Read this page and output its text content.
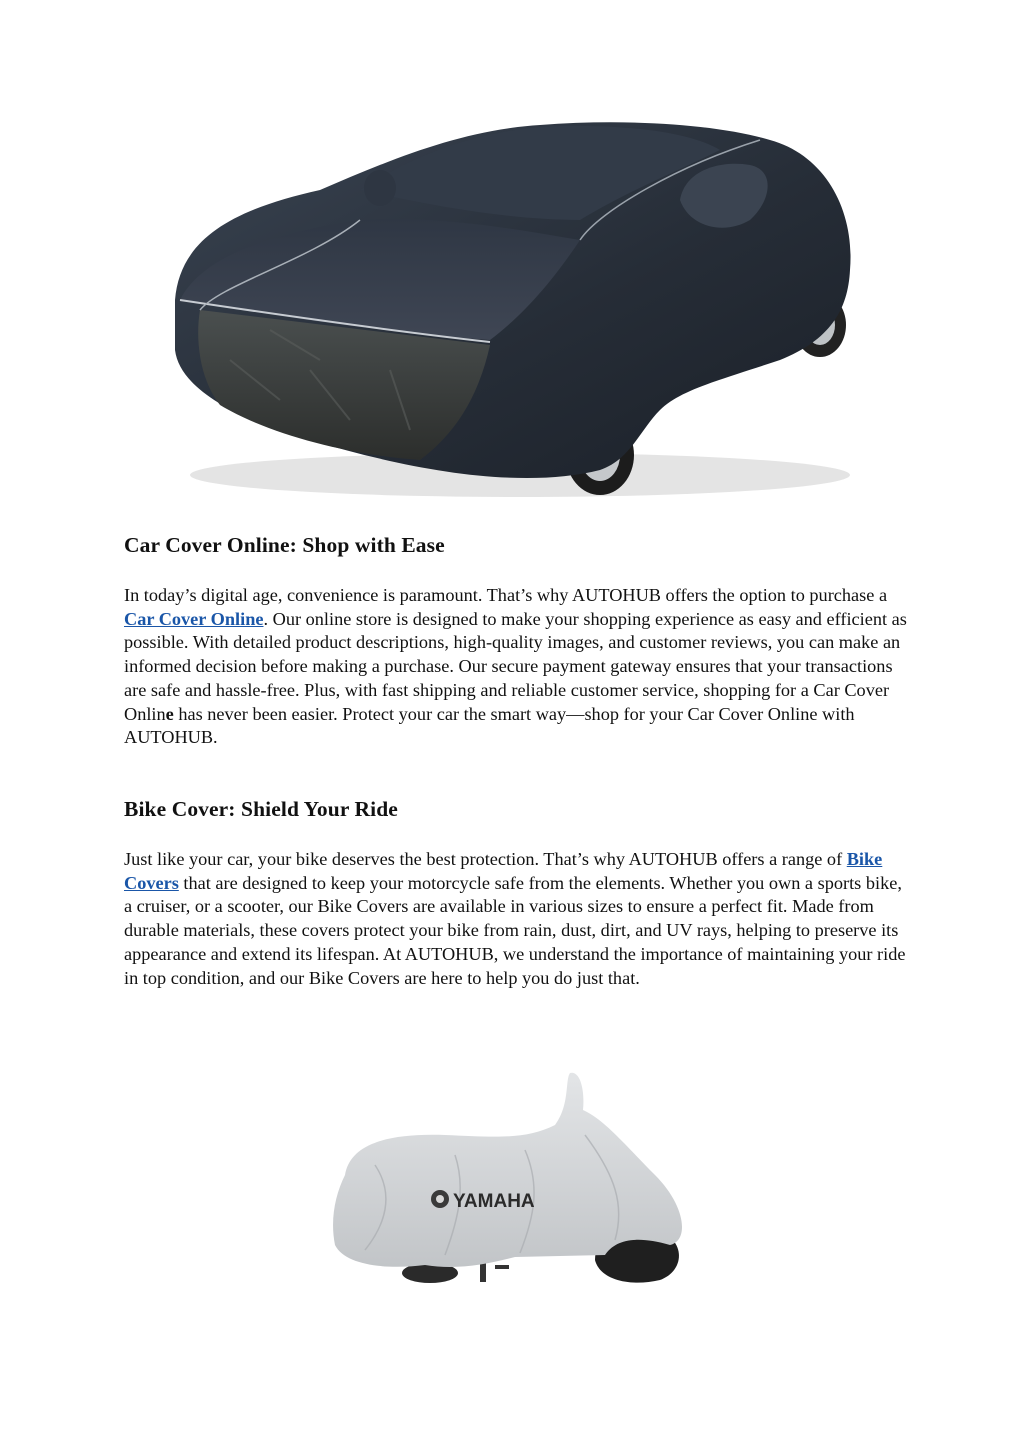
Car Cover Online: Shop with Ease

In today’s digital age, convenience is paramount. That’s why AUTOHUB offers the option to purchase a Car Cover Online. Our online store is designed to make your shopping experience as easy and efficient as possible. With detailed product descriptions, high-quality images, and customer reviews, you can make an informed decision before making a purchase. Our secure payment gateway ensures that your transactions are safe and hassle-free. Plus, with fast shipping and reliable customer service, shopping for a Car Cover Online has never been easier. Protect your car the smart way—shop for your Car Cover Online with AUTOHUB.

Bike Cover: Shield Your Ride

Just like your car, your bike deserves the best protection. That’s why AUTOHUB offers a range of Bike Covers that are designed to keep your motorcycle safe from the elements. Whether you own a sports bike, a cruiser, or a scooter, our Bike Covers are available in various sizes to ensure a perfect fit. Made from durable materials, these covers protect your bike from rain, dust, dirt, and UV rays, helping to preserve its appearance and extend its lifespan. At AUTOHUB, we understand the importance of maintaining your ride in top condition, and our Bike Covers are here to help you do just that.

YAMAHA
